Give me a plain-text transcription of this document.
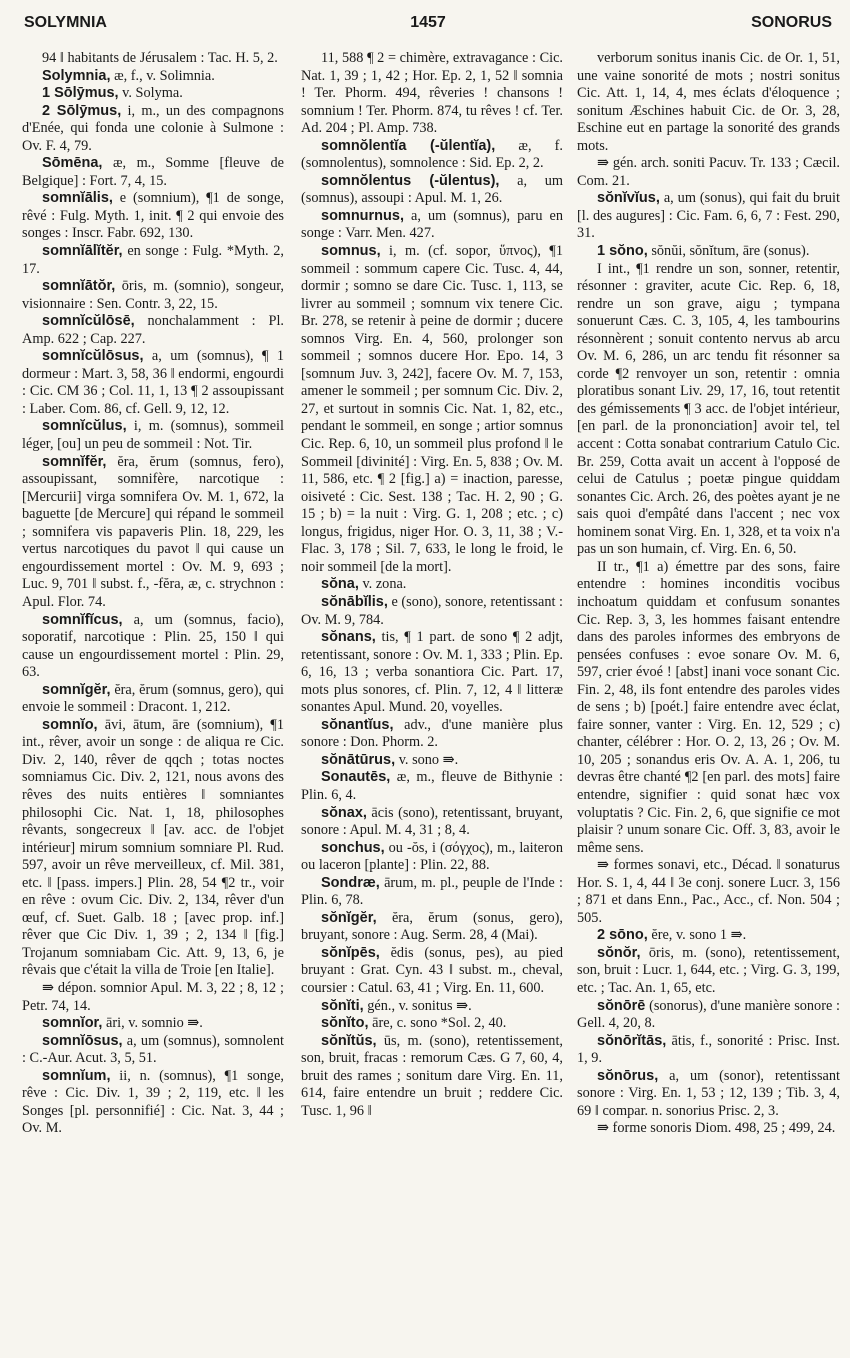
SOLYMNIA	1457	SONORUS

94 ‖ habitants de Jérusalem : Tac. H. 5, 2.

Solymnia, æ, f., v. Solimnia.

1 Sōlȳmus, v. Solyma.

2 Sōlȳmus, i, m., un des compagnons d'Enée, qui fonda une colonie à Sulmone : Ov. F. 4, 79.

Sōmēna, æ, m., Somme [fleuve de Belgique] : Fort. 7, 4, 15.

somnĭālis, e (somnium), ¶1 de songe, rêvé : Fulg. Myth. 1, init. ¶ 2 qui envoie des songes : Inscr. Fabr. 692, 130.

somnĭālĭtĕr, en songe : Fulg. *Myth. 2, 17.

somnĭātŏr, ōris, m. (somnio), songeur, visionnaire : Sen. Contr. 3, 22, 15.

somnĭcŭlōsē, nonchalamment : Pl. Amp. 622 ; Cap. 227.

somnĭcŭlōsus, a, um (somnus), ¶ 1 dormeur : Mart. 3, 58, 36 ‖ endormi, engourdi : Cic. CM 36 ; Col. 11, 1, 13 ¶ 2 assoupissant : Laber. Com. 86, cf. Gell. 9, 12, 12.

somnĭcŭlus, i, m. (somnus), sommeil léger, [ou] un peu de sommeil : Not. Tir.

somnĭfĕr, ĕra, ĕrum (somnus, fero), assoupissant, somnifère, narcotique : [Mercurii] virga somnifera Ov. M. 1, 672, la baguette [de Mercure] qui répand le sommeil ; somnifera vis papaveris Plin. 18, 229, les vertus narcotiques du pavot ‖ qui cause un engourdissement mortel : Ov. M. 9, 693 ; Luc. 9, 701 ‖ subst. f., -fĕra, æ, c. strychnon : Apul. Flor. 74.

somnĭfĭcus, a, um (somnus, facio), soporatif, narcotique : Plin. 25, 150 ‖ qui cause un engourdissement mortel : Plin. 29, 63.

somnĭgĕr, ĕra, ĕrum (somnus, gero), qui envoie le sommeil : Dracont. 1, 212.

somnĭo, āvi, ātum, āre (somnium), ¶1 int., rêver, avoir un songe : de aliqua re Cic. Div. 2, 140, rêver de qqch ; totas noctes somniamus Cic. Div. 2, 121, nous avons des rêves des nuits entières ‖ somniantes philosophi Cic. Nat. 1, 18, philosophes rêvants, songecreux ‖ [av. acc. de l'objet intérieur] mirum somnium somniare Pl. Rud. 597, avoir un rêve merveilleux, cf. Mil. 381, etc. ‖ [pass. impers.] Plin. 28, 54 ¶2 tr., voir en rêve : ovum Cic. Div. 2, 134, rêver d'un œuf, cf. Suet. Galb. 18 ; [avec prop. inf.] rêver que Cic Div. 1, 39 ; 2, 134 ‖ [fig.] Trojanum somniabam Cic. Att. 9, 13, 6, je rêvais que c'était la villa de Troie [en Italie].

⇛ dépon. somnior Apul. M. 3, 22 ; 8, 12 ; Petr. 74, 14.

somnĭor, āri, v. somnio ⇛.

somnĭōsus, a, um (somnus), somnolent : C.-Aur. Acut. 3, 5, 51.

somnĭum, ii, n. (somnus), ¶1 songe, rêve : Cic. Div. 1, 39 ; 2, 119, etc. ‖ les Songes [pl. personnifié] : Cic. Nat. 3, 44 ; Ov. M.

11, 588 ¶ 2 = chimère, extravagance : Cic. Nat. 1, 39 ; 1, 42 ; Hor. Ep. 2, 1, 52 ‖ somnia ! Ter. Phorm. 494, rêveries ! chansons ! somnium ! Ter. Phorm. 874, tu rêves ! cf. Ter. Ad. 204 ; Pl. Amp. 738.

somnŏlentĭa (-ŭlentĭa), æ, f. (somnolentus), somnolence : Sid. Ep. 2, 2.

somnŏlentus (-ŭlentus), a, um (somnus), assoupi : Apul. M. 1, 26.

somnurnus, a, um (somnus), paru en songe : Varr. Men. 427.

somnus, i, m. (cf. sopor, ὕπνος), ¶1 sommeil : sommum capere Cic. Tusc. 4, 44, dormir ; somno se dare Cic. Tusc. 1, 113, se livrer au sommeil ; somnum vix tenere Cic. Br. 278, se retenir à peine de dormir ; ducere somnos Virg. En. 4, 560, prolonger son sommeil ; somnos ducere Hor. Epo. 14, 3 [somnum Juv. 3, 242], facere Ov. M. 7, 153, amener le sommeil ; per somnum Cic. Div. 2, 27, et surtout in somnis Cic. Nat. 1, 82, etc., pendant le sommeil, en songe ; artior somnus Cic. Rep. 6, 10, un sommeil plus profond ‖ le Sommeil [divinité] : Virg. En. 5, 838 ; Ov. M. 11, 586, etc. ¶ 2 [fig.] a) = inaction, paresse, oisiveté : Cic. Sest. 138 ; Tac. H. 2, 90 ; G. 15 ; b) = la nuit : Virg. G. 1, 208 ; etc. ; c) longus, frigidus, niger Hor. O. 3, 11, 38 ; V.-Flac. 3, 178 ; Sil. 7, 633, le long le froid, le noir sommeil [de la mort].

sŏna, v. zona.

sŏnābĭlis, e (sono), sonore, retentissant : Ov. M. 9, 784.

sŏnans, tis, ¶ 1 part. de sono ¶ 2 adjt, retentissant, sonore : Ov. M. 1, 333 ; Plin. Ep. 6, 16, 13 ; verba sonantiora Cic. Part. 17, mots plus sonores, cf. Plin. 7, 12, 4 ‖ litteræ sonantes Apul. Mund. 20, voyelles.

sŏnantĭus, adv., d'une manière plus sonore : Don. Phorm. 2.

sŏnātūrus, v. sono ⇛.

Sonautēs, æ, m., fleuve de Bithynie : Plin. 6, 4.

sŏnax, ācis (sono), retentissant, bruyant, sonore : Apul. M. 4, 31 ; 8, 4.

sonchus, ou -ŏs, i (σόγχος), m., laiteron ou laceron [plante] : Plin. 22, 88.

Sondræ, ārum, m. pl., peuple de l'Inde : Plin. 6, 78.

sŏnĭgĕr, ĕra, ĕrum (sonus, gero), bruyant, sonore : Aug. Serm. 28, 4 (Mai).

sŏnĭpēs, ĕdis (sonus, pes), au pied bruyant : Grat. Cyn. 43 ‖ subst. m., cheval, coursier : Catul. 63, 41 ; Virg. En. 11, 600.

sŏnĭti, gén., v. sonitus ⇛.

sŏnĭto, āre, c. sono *Sol. 2, 40.

sŏnĭtŭs, ūs, m. (sono), retentissement, son, bruit, fracas : remorum Cæs. G 7, 60, 4, bruit des rames ; sonitum dare Virg. En. 11, 614, faire entendre un bruit ; reddere Cic. Tusc. 1, 96 ‖

verborum sonitus inanis Cic. de Or. 1, 51, une vaine sonorité de mots ; nostri sonitus Cic. Att. 1, 14, 4, mes éclats d'éloquence ; sonitum Æschines habuit Cic. de Or. 3, 28, Eschine eut en partage la sonorité des grands mots.

⇛ gén. arch. soniti Pacuv. Tr. 133 ; Cæcil. Com. 21.

sŏnĭvĭus, a, um (sonus), qui fait du bruit [l. des augures] : Cic. Fam. 6, 6, 7 : Fest. 290, 31.

1 sŏno, sŏnŭi, sŏnĭtum, āre (sonus).

I int., ¶1 rendre un son, sonner, retentir, résonner : graviter, acute Cic. Rep. 6, 18, rendre un son grave, aigu ; tympana sonuerunt Cæs. C. 3, 105, 4, les tambourins résonnèrent ; sonuit contento nervus ab arcu Ov. M. 6, 286, un arc tendu fit résonner sa corde ¶2 renvoyer un son, retentir : omnia ploratibus sonant Liv. 29, 17, 16, tout retentit des gémissements ¶ 3 acc. de l'objet intérieur, [en parl. de la prononciation] avoir tel, tel accent : Cotta sonabat contrarium Catulo Cic. Br. 259, Cotta avait un accent à l'opposé de celui de Catulus ; poetæ pingue quiddam sonantes Cic. Arch. 26, des poètes ayant je ne sais quoi d'empâté dans l'accent ; nec vox hominem sonat Virg. En. 1, 328, et ta voix n'a pas un son humain, cf. Virg. En. 6, 50.

II tr., ¶1 a) émettre par des sons, faire entendre : homines inconditis vocibus inchoatum quiddam et confusum sonantes Cic. Rep. 3, 3, les hommes faisant entendre dans des paroles informes des embryons de pensées confuses : evoe sonare Ov. M. 6, 597, crier évoé ! [abst] inani voce sonant Cic. Fin. 2, 48, ils font entendre des paroles vides de sens ; b) [poét.] faire entendre avec éclat, faire sonner, vanter : Virg. En. 12, 529 ; c) chanter, célébrer : Hor. O. 2, 13, 26 ; Ov. M. 10, 205 ; sonandus eris Ov. A. A. 1, 206, tu devras être chanté ¶2 [en parl. des mots] faire entendre, signifier : quid sonat hæc vox voluptatis ? Cic. Fin. 2, 6, que signifie ce mot plaisir ? unum sonare Cic. Off. 3, 83, avoir le même sens.

⇛ formes sonavi, etc., Décad. ‖ sonaturus Hor. S. 1, 4, 44 ‖ 3e conj. sonere Lucr. 3, 156 ; 871 et dans Enn., Pac., Acc., cf. Non. 504 ; 505.

2 sōno, ĕre, v. sono 1 ⇛.

sŏnŏr, ōris, m. (sono), retentissement, son, bruit : Lucr. 1, 644, etc. ; Virg. G. 3, 199, etc. ; Tac. An. 1, 65, etc.

sŏnōrē (sonorus), d'une manière sonore : Gell. 4, 20, 8.

sŏnōrĭtās, ātis, f., sonorité : Prisc. Inst. 1, 9.

sŏnōrus, a, um (sonor), retentissant sonore : Virg. En. 1, 53 ; 12, 139 ; Tib. 3, 4, 69 ‖ compar. n. sonorius Prisc. 2, 3.

⇛ forme sonoris Diom. 498, 25 ; 499, 24.
